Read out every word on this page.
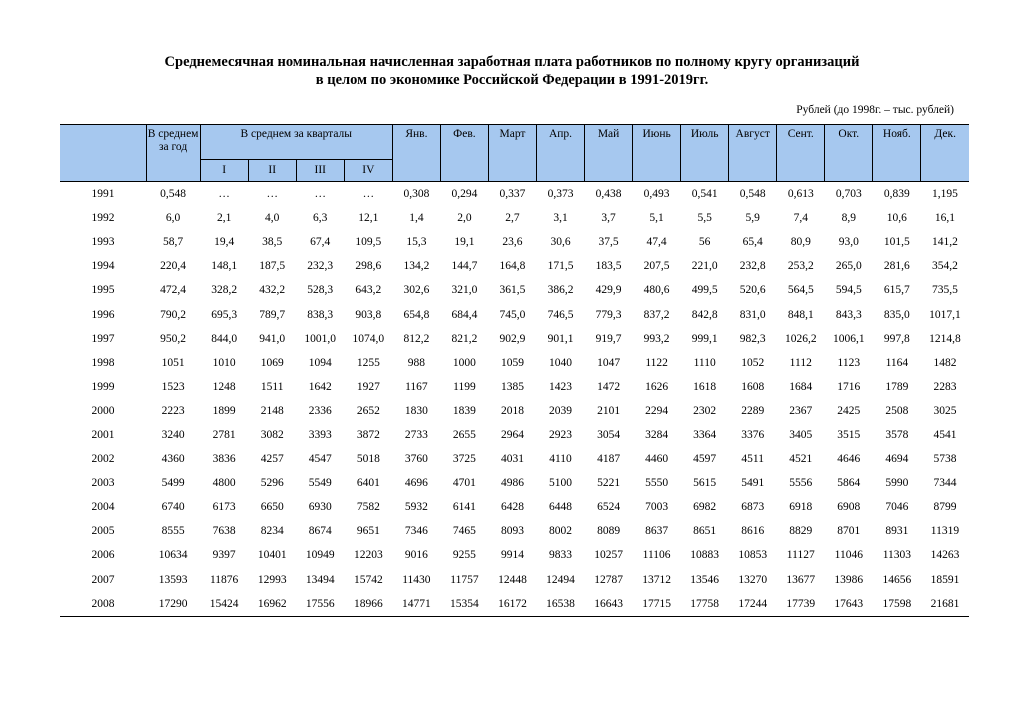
Среднемесячная номинальная начисленная заработная плата работников по полному кругу организаций
в целом по экономике Российской Федерации в 1991-2019гг.
Рублей (до 1998г. – тыс. рублей)
	В среднем за год	В среднем за кварталы				Янв.	Фев.	Март	Апр.	Май	Июнь	Июль	Август	Сент.	Окт.	Нояб.	Дек.
		I	II	III	IV												
1991	0,548	…	…	…	…	0,308	0,294	0,337	0,373	0,438	0,493	0,541	0,548	0,613	0,703	0,839	1,195
1992	6,0	2,1	4,0	6,3	12,1	1,4	2,0	2,7	3,1	3,7	5,1	5,5	5,9	7,4	8,9	10,6	16,1
1993	58,7	19,4	38,5	67,4	109,5	15,3	19,1	23,6	30,6	37,5	47,4	56	65,4	80,9	93,0	101,5	141,2
1994	220,4	148,1	187,5	232,3	298,6	134,2	144,7	164,8	171,5	183,5	207,5	221,0	232,8	253,2	265,0	281,6	354,2
1995	472,4	328,2	432,2	528,3	643,2	302,6	321,0	361,5	386,2	429,9	480,6	499,5	520,6	564,5	594,5	615,7	735,5
1996	790,2	695,3	789,7	838,3	903,8	654,8	684,4	745,0	746,5	779,3	837,2	842,8	831,0	848,1	843,3	835,0	1017,1
1997	950,2	844,0	941,0	1001,0	1074,0	812,2	821,2	902,9	901,1	919,7	993,2	999,1	982,3	1026,2	1006,1	997,8	1214,8
1998	1051	1010	1069	1094	1255	988	1000	1059	1040	1047	1122	1110	1052	1112	1123	1164	1482
1999	1523	1248	1511	1642	1927	1167	1199	1385	1423	1472	1626	1618	1608	1684	1716	1789	2283
2000	2223	1899	2148	2336	2652	1830	1839	2018	2039	2101	2294	2302	2289	2367	2425	2508	3025
2001	3240	2781	3082	3393	3872	2733	2655	2964	2923	3054	3284	3364	3376	3405	3515	3578	4541
2002	4360	3836	4257	4547	5018	3760	3725	4031	4110	4187	4460	4597	4511	4521	4646	4694	5738
2003	5499	4800	5296	5549	6401	4696	4701	4986	5100	5221	5550	5615	5491	5556	5864	5990	7344
2004	6740	6173	6650	6930	7582	5932	6141	6428	6448	6524	7003	6982	6873	6918	6908	7046	8799
2005	8555	7638	8234	8674	9651	7346	7465	8093	8002	8089	8637	8651	8616	8829	8701	8931	11319
2006	10634	9397	10401	10949	12203	9016	9255	9914	9833	10257	11106	10883	10853	11127	11046	11303	14263
2007	13593	11876	12993	13494	15742	11430	11757	12448	12494	12787	13712	13546	13270	13677	13986	14656	18591
2008	17290	15424	16962	17556	18966	14771	15354	16172	16538	16643	17715	17758	17244	17739	17643	17598	21681
